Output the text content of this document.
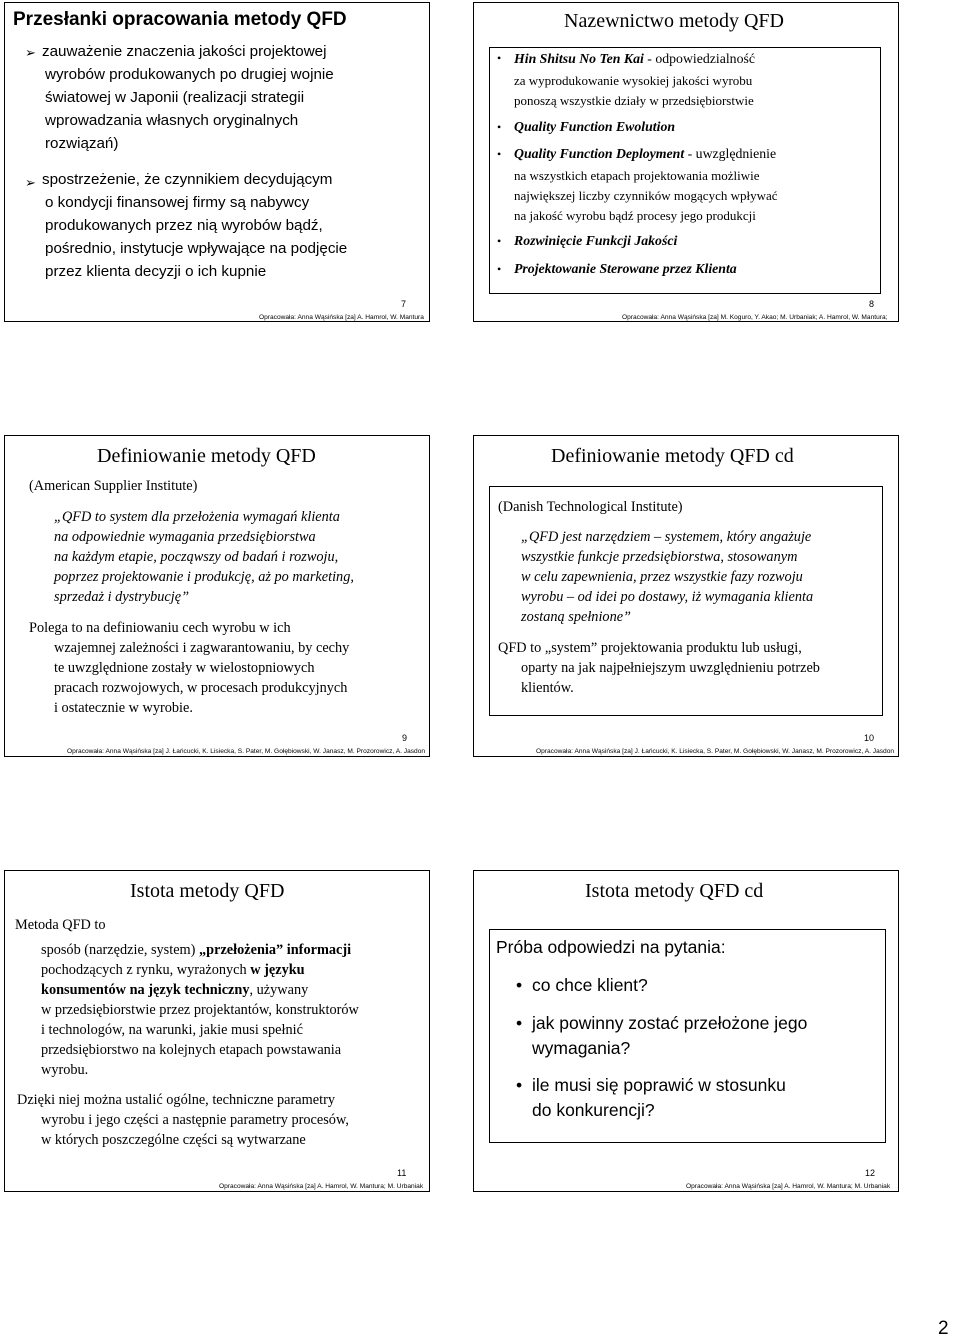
Przesłanki opracowania metody QFD
➢ zauważenie znaczenia jakości projektowej
wyrobów produkowanych po drugiej wojnie
światowej w Japonii (realizacji strategii
wprowadzania własnych oryginalnych
rozwiązań)
➢ spostrzeżenie, że czynnikiem decydującym
o kondycji finansowej firmy są nabywcy
produkowanych przez nią wyrobów bądź,
pośrednio, instytucje wpływające na podjęcie
przez klienta decyzji o ich kupnie
7
Opracowała: Anna Wąsińska [za] A. Hamrol, W. Mantura
Nazewnictwo metody QFD
• Hin Shitsu No Ten Kai - odpowiedzialność
za wyprodukowanie wysokiej jakości wyrobu
ponoszą wszystkie działy w przedsiębiorstwie
• Quality Function Ewolution
• Quality Function Deployment - uwzględnienie
na wszystkich etapach projektowania możliwie
największej liczby czynników mogących wpływać
na jakość wyrobu bądź procesy jego produkcji
• Rozwinięcie Funkcji Jakości
• Projektowanie Sterowane przez Klienta
8
Opracowała: Anna Wąsińska [za] M. Koguro, Y. Akao; M. Urbaniak; A. Hamrol, W. Mantura;
Definiowanie metody QFD
(American Supplier Institute)
„QFD to system dla przełożenia wymagań klienta
na odpowiednie wymagania przedsiębiorstwa
na każdym etapie, począwszy od badań i rozwoju,
poprzez projektowanie i produkcję, aż po marketing,
sprzedaż i dystrybucję”
Polega to na definiowaniu cech wyrobu w ich
wzajemnej zależności i zagwarantowaniu, by cechy
te uwzględnione zostały w wielostopniowych
pracach rozwojowych, w procesach produkcyjnych
i ostatecznie w wyrobie.
9
Opracowała: Anna Wąsińska [za] J. Łańcucki, K. Lisiecka, S. Pater, M. Gołębiowski, W. Janasz, M. Prozorowicz, A. Jasdon
Definiowanie metody QFD cd
(Danish Technological Institute)
„QFD jest narzędziem – systemem, który angażuje
wszystkie funkcje przedsiębiorstwa, stosowanym
w celu zapewnienia, przez wszystkie fazy rozwoju
wyrobu – od idei po dostawy, iż wymagania klienta
zostaną spełnione”
QFD to „system” projektowania produktu lub usługi,
oparty na jak najpełniejszym uwzględnieniu potrzeb
klientów.
10
Opracowała: Anna Wąsińska [za] J. Łańcucki, K. Lisiecka, S. Pater, M. Gołębiowski, W. Janasz, M. Prozorowicz, A. Jasdon
Istota metody QFD
Metoda QFD to
sposób (narzędzie, system) „przełożenia” informacji
pochodzących z rynku, wyrażonych w języku
konsumentów na język techniczny, używany
w przedsiębiorstwie przez projektantów, konstruktorów
i technologów, na warunki, jakie musi spełnić
przedsiębiorstwo na kolejnych etapach powstawania
wyrobu.
Dzięki niej można ustalić ogólne, techniczne parametry
wyrobu i jego części a następnie parametry procesów,
w których poszczególne części są wytwarzane
11
Opracowała: Anna Wąsińska [za] A. Hamrol, W. Mantura; M. Urbaniak
Istota metody QFD cd
Próba odpowiedzi na pytania:
• co chce klient?
• jak powinny zostać przełożone jego
wymagania?
• ile musi się poprawić w stosunku
do konkurencji?
12
Opracowała: Anna Wąsińska [za] A. Hamrol, W. Mantura; M. Urbaniak
2
